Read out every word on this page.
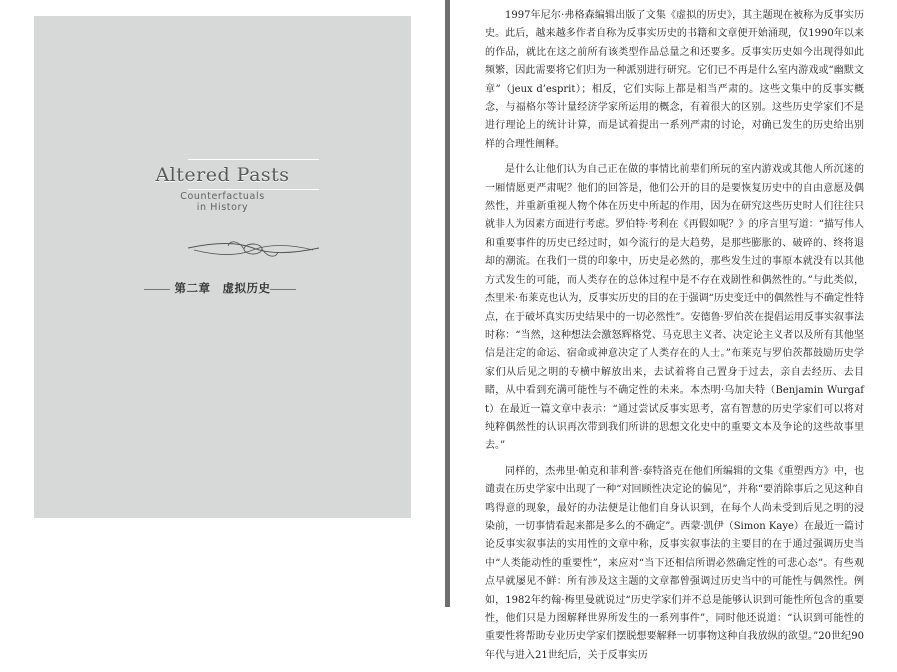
Altered Pasts
Counterfactuals
in History
第二章　虚拟历史

1997年尼尔·弗格森编辑出版了文集《虚拟的历史》，其主题现在被称为反事实历史。此后，越来越多作者自称为反事实历史的书籍和文章便开始涌现，仅1990年以来的作品，就比在这之前所有该类型作品总量之和还要多。反事实历史如今出现得如此频繁，因此需要将它们归为一种派别进行研究。它们已不再是什么室内游戏或“幽默文章”（jeux d’esprit）；相反，它们实际上都是相当严肃的。这些文集中的反事实概念，与福格尔等计量经济学家所运用的概念，有着很大的区别。这些历史学家们不是进行理论上的统计计算，而是试着提出一系列严肃的讨论，对确已发生的历史给出别样的合理性阐释。

是什么让他们认为自己正在做的事情比前辈们所玩的室内游戏或其他人所沉迷的一厢情愿更严肃呢？他们的回答是，他们公开的目的是要恢复历史中的自由意愿及偶然性，并重新重视人物个体在历史中所起的作用，因为在研究这些历史时人们往往只就非人为因素方面进行考虑。罗伯特·考利在《再假如呢？》的序言里写道：“描写伟人和重要事件的历史已经过时，如今流行的是大趋势，是那些膨胀的、破碎的、终将退却的潮流。在我们一贯的印象中，历史是必然的，那些发生过的事原本就没有以其他方式发生的可能，而人类存在的总体过程中是不存在戏剧性和偶然性的。”与此类似，杰里米·布莱克也认为，反事实历史的目的在于强调“历史变迁中的偶然性与不确定性特点，在于破坏真实历史结果中的一切必然性”。安德鲁·罗伯茨在提倡运用反事实叙事法时称：“当然，这种想法会激怒辉格党、马克思主义者、决定论主义者以及所有其他坚信是注定的命运、宿命或神意决定了人类存在的人士。”布莱克与罗伯茨都鼓励历史学家们从后见之明的专横中解放出来，去试着将自己置身于过去，亲自去经历、去目睹，从中看到充满可能性与不确定性的未来。本杰明·乌加夫特（Benjamin Wurgaft）在最近一篇文章中表示：“通过尝试反事实思考，富有智慧的历史学家们可以将对纯粹偶然性的认识再次带到我们所讲的思想文化史中的重要文本及争论的这些故事里去。”

同样的，杰弗里·帕克和菲利普·泰特洛克在他们所编辑的文集《重塑西方》中，也谴责在历史学家中出现了一种“对回顾性决定论的偏见”，并称“要消除事后之见这种自鸣得意的现象，最好的办法便是让他们自身认识到，在每个人尚未受到后见之明的浸染前，一切事情看起来都是多么的不确定”。西蒙·凯伊（Simon Kaye）在最近一篇讨论反事实叙事法的实用性的文章中称，反事实叙事法的主要目的在于通过强调历史当中“人类能动性的重要性”，来应对“当下还相信所谓必然确定性的可悲心态”。有些观点早就屡见不鲜：所有涉及这主题的文章都曾强调过历史当中的可能性与偶然性。例如，1982年约翰·梅里曼就说过“历史学家们并不总是能够认识到可能性所包含的重要性，他们只是力图解释世界所发生的一系列事件”，同时他还说道：“认识到可能性的重要性将帮助专业历史学家们摆脱想要解释一切事物这种自我放纵的欲望。”20世纪90年代与进入21世纪后，关于反事实历
